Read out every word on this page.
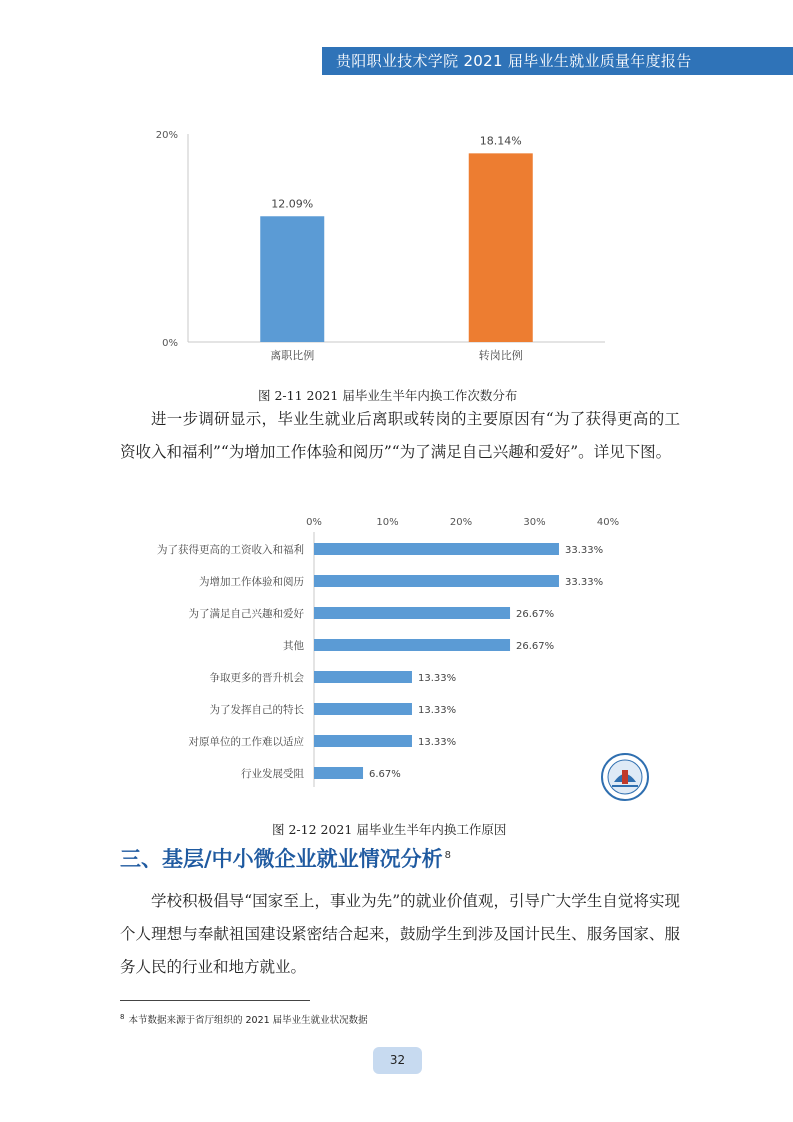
贵阳职业技术学院 2021 届毕业生就业质量年度报告
0%
20%
12.09%
离职比例
18.14%
转岗比例
图 2-11 2021 届毕业生半年内换工作次数分布

进一步调研显示，毕业生就业后离职或转岗的主要原因有“为了获得更高的工资收入和福利”“为增加工作体验和阅历”“为了满足自己兴趣和爱好”。详见下图。

0%	10%	20%	30%	40%
为了获得更高的工资收入和福利	33.33%
为增加工作体验和阅历	33.33%
为了满足自己兴趣和爱好	26.67%
其他	26.67%
争取更多的晋升机会	13.33%
为了发挥自己的特长	13.33%
对原单位的工作难以适应	13.33%
行业发展受阻	6.67%
图 2-12 2021 届毕业生半年内换工作原因
三、基层/中小微企业就业情况分析 $^8$

学校积极倡导“国家至上，事业为先”的就业价值观，引导广大学生自觉将实现个人理想与奉献祖国建设紧密结合起来，鼓励学生到涉及国计民生、服务国家、服务人民的行业和地方就业。

$^8$ 本节数据来源于省厅组织的 2021 届毕业生就业状况数据
32
